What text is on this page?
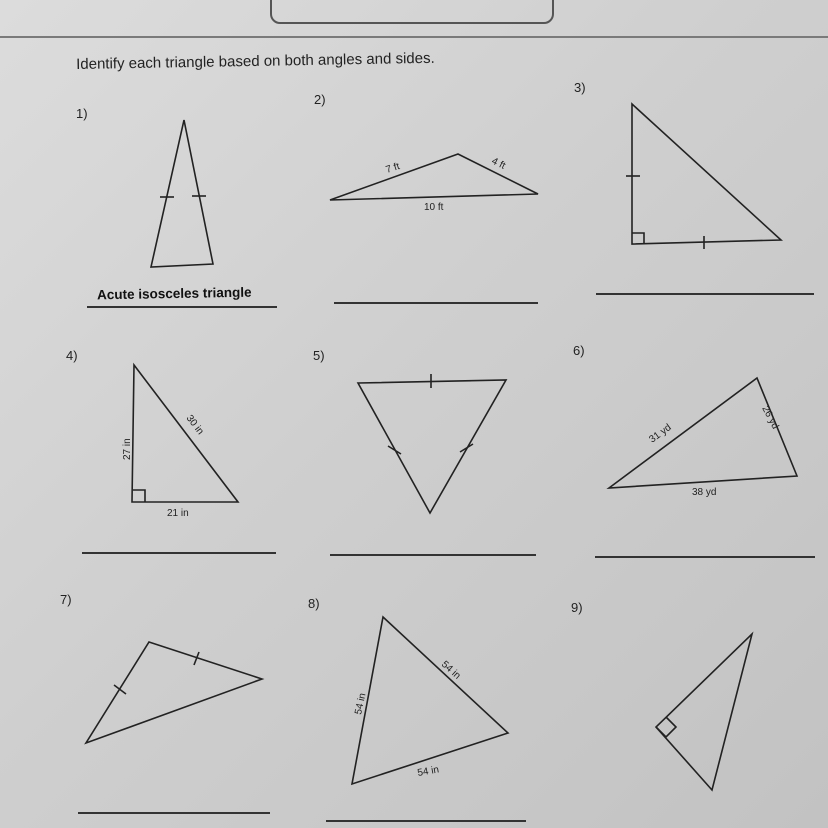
Identify each triangle based on both angles and sides.
1)
2)
3)
4)	5)	6)
7)	8)	9)
Acute isosceles triangle
7 ft	4 ft
10 ft
27 in
30 in
21 in
31 yd
26 yd
38 yd
54 in
54 in
54 in
